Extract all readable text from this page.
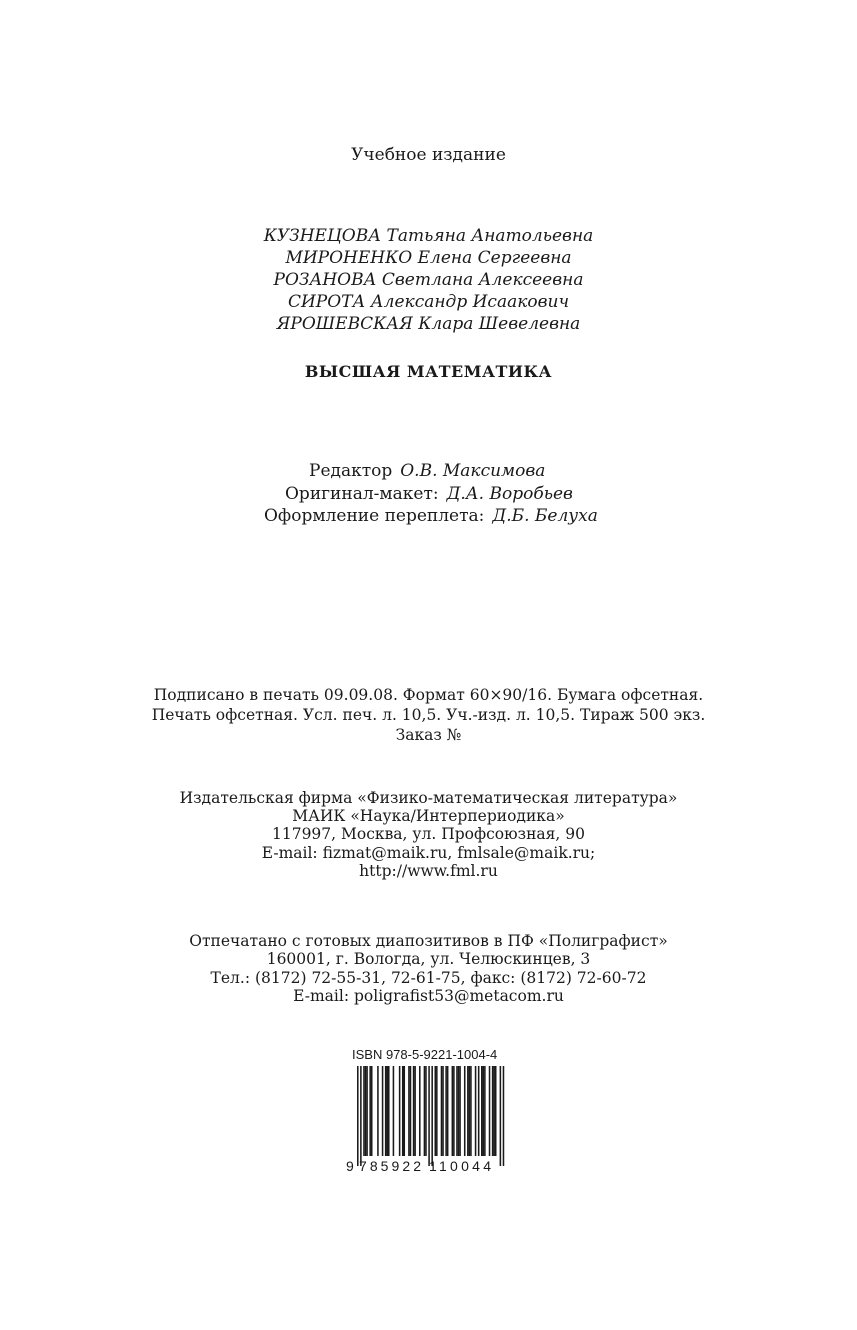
Учебное издание
КУЗНЕЦОВА Татьяна Анатольевна
МИРОНЕНКО Елена Сергеевна
РОЗАНОВА Светлана Алексеевна
СИРОТА Александр Исаакович
ЯРОШЕВСКАЯ Клара Шевелевна
ВЫСШАЯ МАТЕМАТИКА
Редактор О.В. Максимова
Оригинал-макет: Д.А. Воробьев
Оформление переплета: Д.Б. Белуха
Подписано в печать 09.09.08. Формат 60×90/16. Бумага офсетная.
Печать офсетная. Усл. печ. л. 10,5. Уч.-изд. л. 10,5. Тираж 500 экз.
Заказ №
Издательская фирма «Физико-математическая литература»
МАИК «Наука/Интерпериодика»
117997, Москва, ул. Профсоюзная, 90
E-mail: fizmat@maik.ru, fmlsale@maik.ru;
http://www.fml.ru
Отпечатано с готовых диапозитивов в ПФ «Полиграфист»
160001, г. Вологда, ул. Челюскинцев, 3
Тел.: (8172) 72-55-31, 72-61-75, факс: (8172) 72-60-72
E-mail: poligrafist53@metacom.ru
ISBN 978-5-9221-1004-4
9 785922 110044
